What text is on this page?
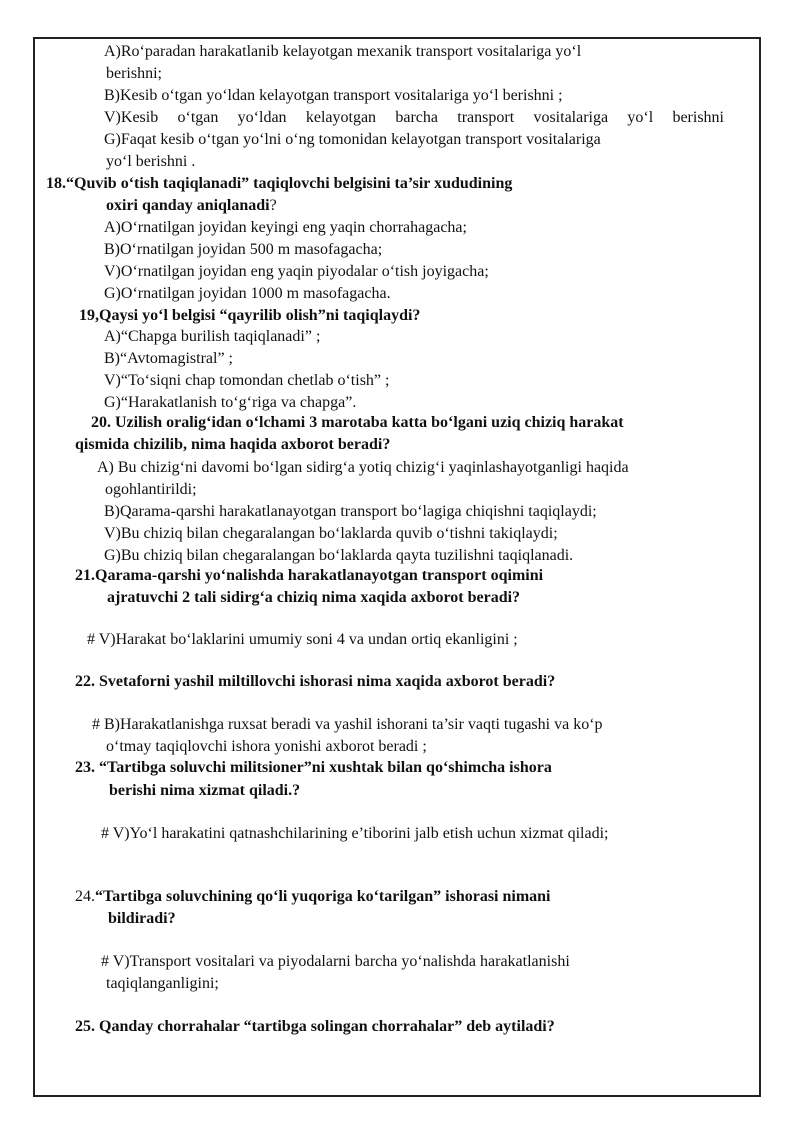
A)Ro‘paradan harakatlanib kelayotgan mexanik transport vositalariga yo‘l
berishni;
B)Kesib o‘tgan yo‘ldan kelayotgan transport vositalariga yo‘l berishni ;
V)Kesib o‘tgan yo‘ldan kelayotgan barcha transport vositalariga yo‘l berishni
G)Faqat kesib o‘tgan yo‘lni o‘ng tomonidan kelayotgan transport vositalariga
yo‘l berishni .
18.“Quvib o‘tish taqiqlanadi” taqiqlovchi belgisini ta’sir xududining
oxiri qanday aniqlanadi?
A)O‘rnatilgan joyidan keyingi eng yaqin chorrahagacha;
B)O‘rnatilgan joyidan 500 m masofagacha;
V)O‘rnatilgan joyidan eng yaqin piyodalar o‘tish joyigacha;
G)O‘rnatilgan joyidan 1000 m masofagacha.
19,Qaysi yo‘l belgisi “qayrilib olish”ni taqiqlaydi?
A)“Chapga burilish taqiqlanadi” ;
B)“Avtomagistral” ;
V)“To‘siqni chap tomondan chetlab o‘tish” ;
G)“Harakatlanish to‘g‘riga va chapga”.
20. Uzilish oralig‘idan o‘lchami 3 marotaba katta bo‘lgani uziq chiziq harakat
qismida chizilib, nima haqida axborot beradi?
A) Bu chizig‘ni davomi bo‘lgan sidirg‘a yotiq chizig‘i yaqinlashayotganligi haqida
ogohlantirildi;
B)Qarama-qarshi harakatlanayotgan transport bo‘lagiga chiqishni taqiqlaydi;
V)Bu chiziq bilan chegaralangan bo‘laklarda quvib o‘tishni takiqlaydi;
G)Bu chiziq bilan chegaralangan bo‘laklarda qayta tuzilishni taqiqlanadi.
21.Qarama-qarshi yo‘nalishda harakatlanayotgan transport oqimini
ajratuvchi 2 tali sidirg‘a chiziq nima xaqida axborot beradi?
# V)Harakat bo‘laklarini umumiy soni 4 va undan ortiq ekanligini ;
22. Svetaforni yashil miltillovchi ishorasi nima xaqida axborot beradi?
# B)Harakatlanishga ruxsat beradi va yashil ishorani ta’sir vaqti tugashi va ko‘p
o‘tmay taqiqlovchi ishora yonishi axborot beradi ;
23. “Tartibga soluvchi militsioner”ni xushtak bilan qo‘shimcha ishora
berishi nima xizmat qiladi.?
# V)Yo‘l harakatini qatnashchilarining e’tiborini jalb etish uchun xizmat qiladi;
24.“Tartibga soluvchining qo‘li yuqoriga ko‘tarilgan” ishorasi nimani
bildiradi?
# V)Transport vositalari va piyodalarni barcha yo‘nalishda harakatlanishi
taqiqlanganligini;
25. Qanday chorrahalar “tartibga solingan chorrahalar” deb aytiladi?
